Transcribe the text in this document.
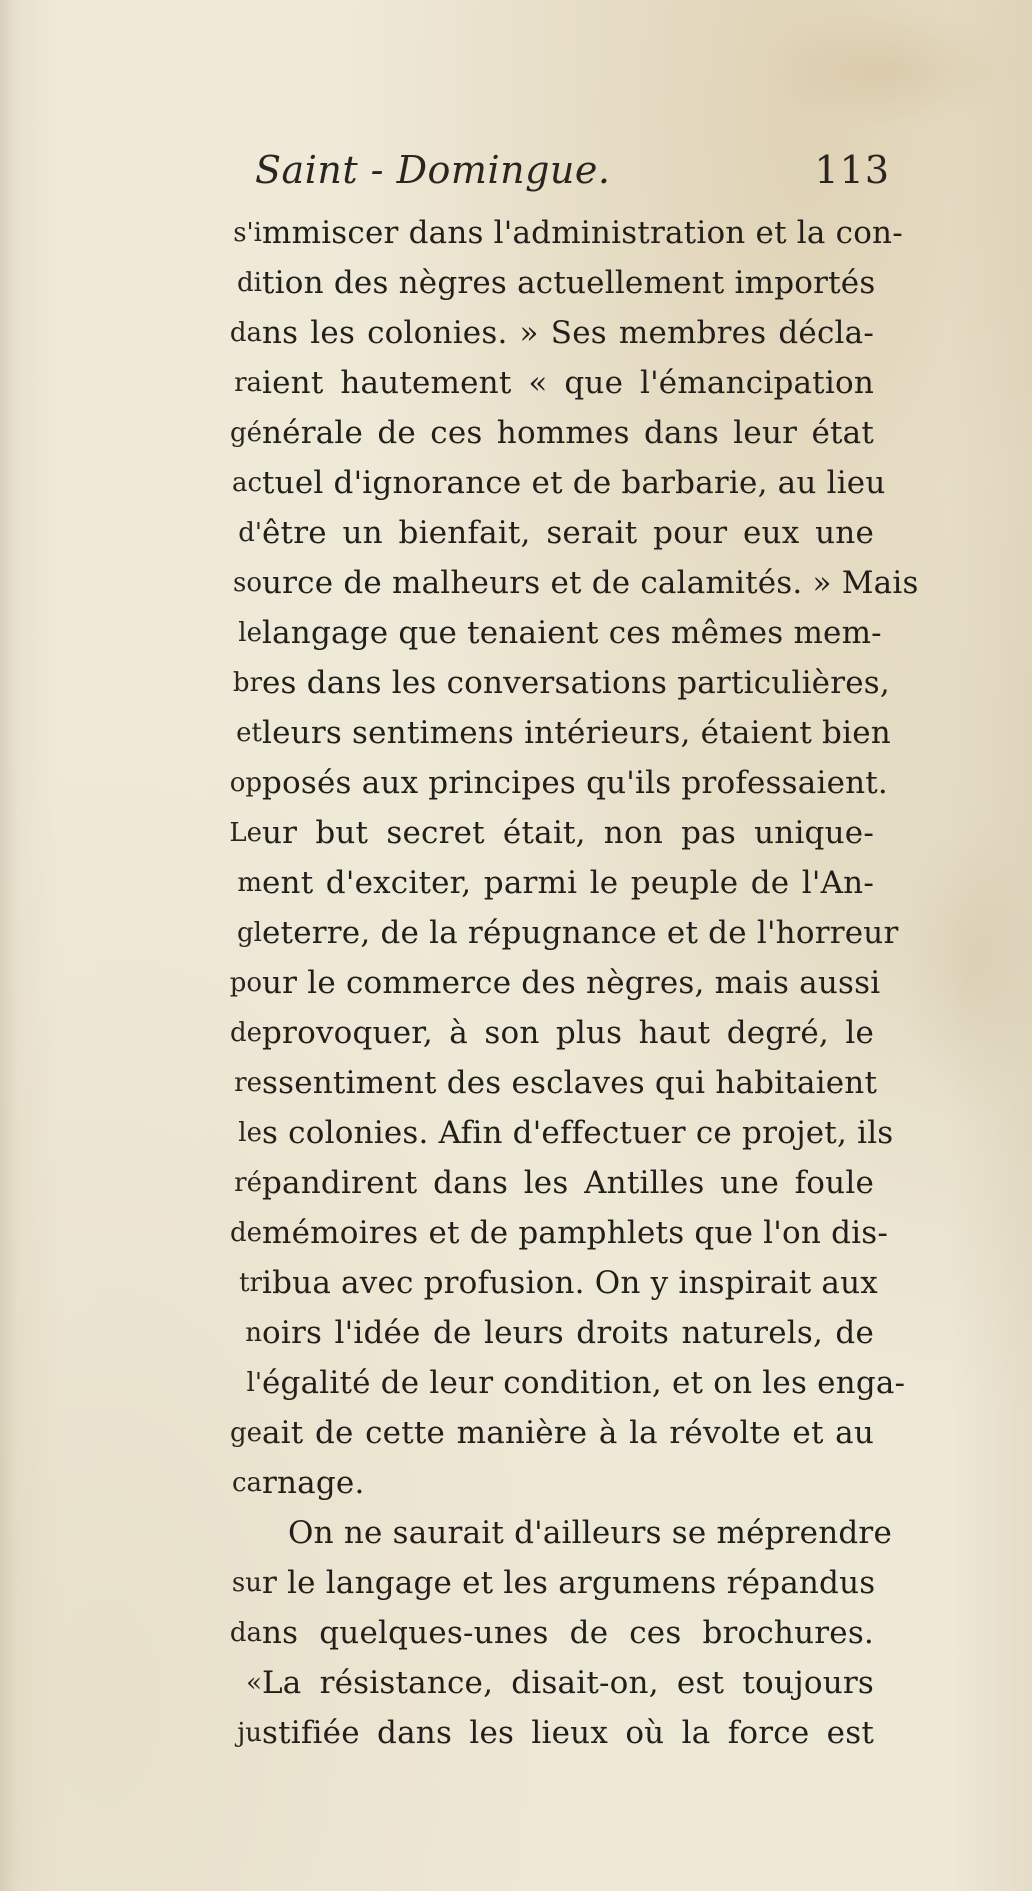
Saint - Domingue.	113
s'i
di
da
ra
gé
ac
d'
so
le
br
et
op
Le
m
gl
po
de
re
le
ré
de
tr
n
l'
ge
ca
su
da
«
ju
mmiscer dans l'administration et la con-
tion des nègres actuellement importés
ns les colonies. » Ses membres décla-
ient hautement « que l'émancipation
nérale de ces hommes dans leur état
tuel d'ignorance et de barbarie, au lieu
être un bienfait, serait pour eux une
urce de malheurs et de calamités. » Mais
langage que tenaient ces mêmes mem-
es dans les conversations particulières,
leurs sentimens intérieurs, étaient bien
posés aux principes qu'ils professaient.
ur but secret était, non pas unique-
ent d'exciter, parmi le peuple de l'An-
eterre, de la répugnance et de l'horreur
ur le commerce des nègres, mais aussi
provoquer, à son plus haut degré, le
ssentiment des esclaves qui habitaient
s colonies. Afin d'effectuer ce projet, ils
pandirent dans les Antilles une foule
mémoires et de pamphlets que l'on dis-
ibua avec profusion. On y inspirait aux
oirs l'idée de leurs droits naturels, de
égalité de leur condition, et on les enga-
ait de cette manière à la révolte et au
rnage.
On ne saurait d'ailleurs se méprendre
r le langage et les argumens répandus
ns quelques-unes de ces brochures.
La résistance, disait-on, est toujours
stifiée dans les lieux où la force est
